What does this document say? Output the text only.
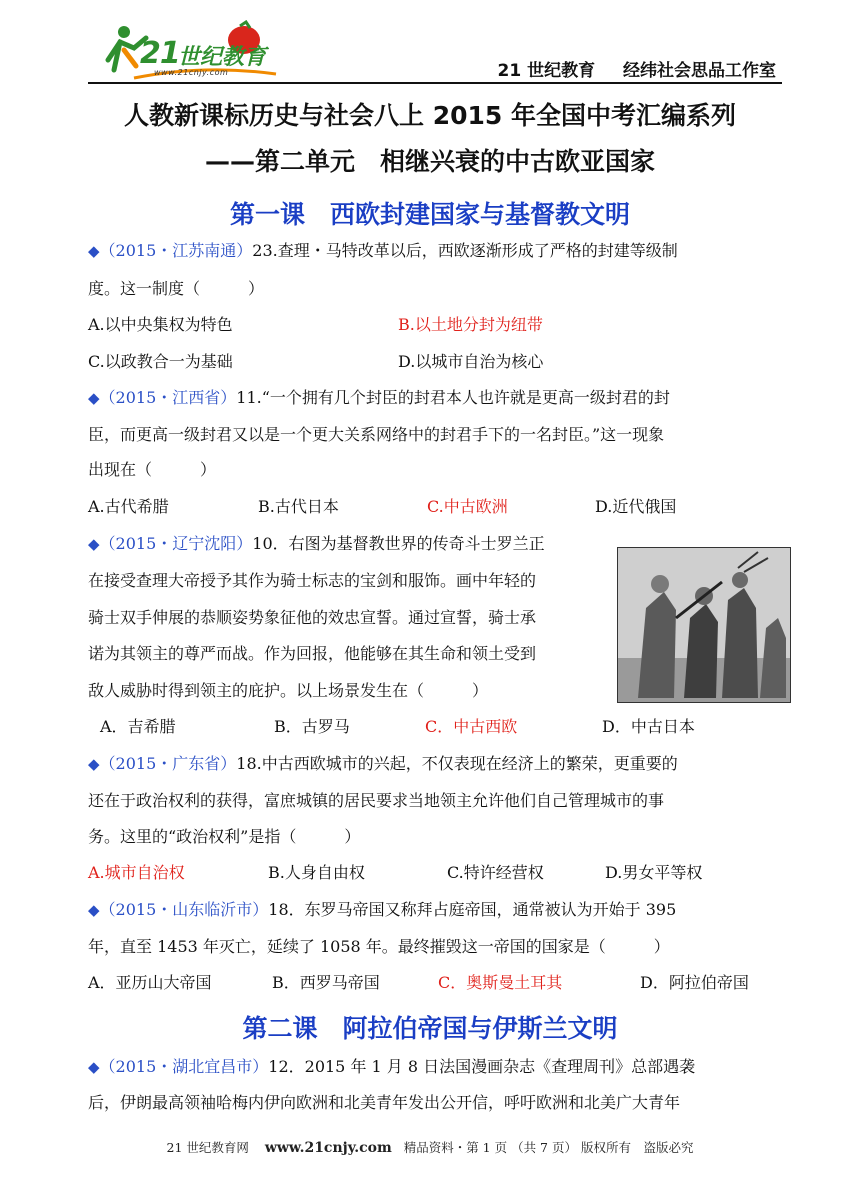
21
世纪教育
www.21cnjy.com	21 世纪教育 经纬社会思品工作室
人教新课标历史与社会八上 2015 年全国中考汇编系列
——第二单元　相继兴衰的中古欧亚国家
第一课　西欧封建国家与基督教文明
◆（2015・江苏南通）23.查理・马特改革以后，西欧逐渐形成了严格的封建等级制
度。这一制度（　　　）
A.以中央集权为特色	B.以土地分封为纽带
C.以政教合一为基础	D.以城市自治为核心
◆（2015・江西省）11.“一个拥有几个封臣的封君本人也许就是更高一级封君的封
臣，而更高一级封君又以是一个更大关系网络中的封君手下的一名封臣。”这一现象
出现在（　　　）
A.古代希腊	B.古代日本	C.中古欧洲	D.近代俄国
◆（2015・辽宁沈阳）10．右图为基督教世界的传奇斗士罗兰正
在接受查理大帝授予其作为骑士标志的宝剑和服饰。画中年轻的
骑士双手伸展的恭顺姿势象征他的效忠宣誓。通过宣誓，骑士承
诺为其领主的尊严而战。作为回报，他能够在其生命和领土受到
敌人威胁时得到领主的庇护。以上场景发生在（　　　）
A．吉希腊	B．古罗马	C．中古西欧	D．中古日本
◆（2015・广东省）18.中古西欧城市的兴起，不仅表现在经济上的繁荣，更重要的
还在于政治权利的获得，富庶城镇的居民要求当地领主允许他们自己管理城市的事
务。这里的“政治权利”是指（　　　）
A.城市自治权	B.人身自由权	C.特许经营权	D.男女平等权
◆（2015・山东临沂市）18．东罗马帝国又称拜占庭帝国，通常被认为开始于 395
年，直至 1453 年灭亡，延续了 1058 年。最终摧毁这一帝国的国家是（　　　）
A．亚历山大帝国	B．西罗马帝国	C．奥斯曼土耳其	D．阿拉伯帝国
第二课　阿拉伯帝国与伊斯兰文明
◆（2015・湖北宜昌市）12．2015 年 1 月 8 日法国漫画杂志《查理周刊》总部遇袭
后，伊朗最高领袖哈梅内伊向欧洲和北美青年发出公开信，呼吁欧洲和北美广大青年
21 世纪教育网 www.21cnjy.com 精品资料・第 1 页 （共 7 页） 版权所有　盗版必究
